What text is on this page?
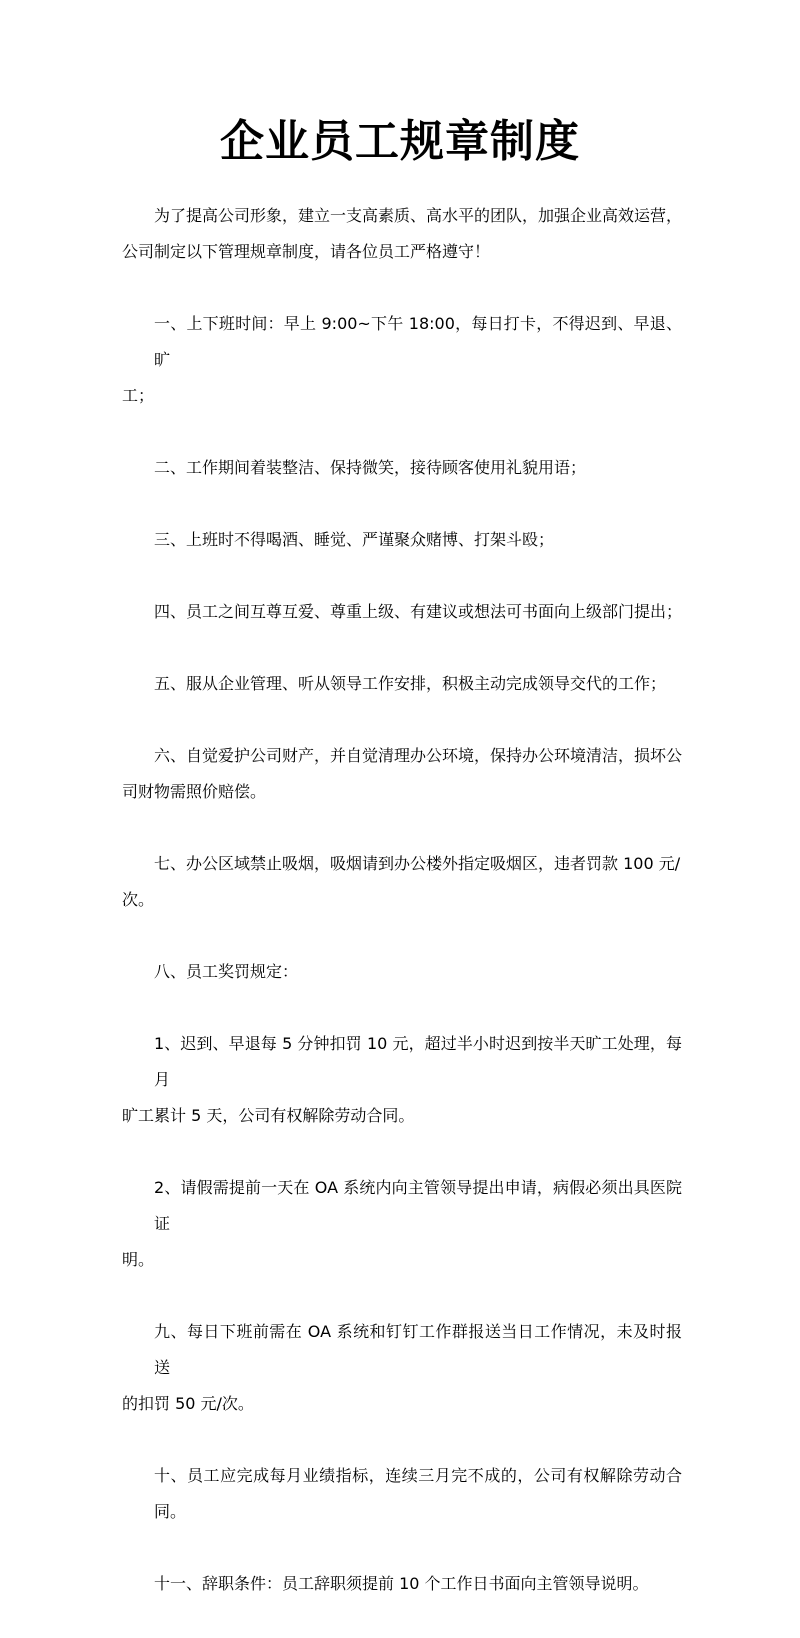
企业员工规章制度

为了提高公司形象，建立一支高素质、高水平的团队，加强企业高效运营，
公司制定以下管理规章制度，请各位员工严格遵守！

一、上下班时间：早上 9:00~下午 18:00，每日打卡，不得迟到、早退、旷
工；

二、工作期间着装整洁、保持微笑，接待顾客使用礼貌用语；

三、上班时不得喝酒、睡觉、严谨聚众赌博、打架斗殴；

四、员工之间互尊互爱、尊重上级、有建议或想法可书面向上级部门提出；

五、服从企业管理、听从领导工作安排，积极主动完成领导交代的工作；

六、自觉爱护公司财产，并自觉清理办公环境，保持办公环境清洁，损坏公
司财物需照价赔偿。

七、办公区域禁止吸烟，吸烟请到办公楼外指定吸烟区，违者罚款 100 元/
次。

八、员工奖罚规定：

1、迟到、早退每 5 分钟扣罚 10 元，超过半小时迟到按半天旷工处理，每月
旷工累计 5 天，公司有权解除劳动合同。

2、请假需提前一天在 OA 系统内向主管领导提出申请，病假必须出具医院证
明。

九、每日下班前需在 OA 系统和钉钉工作群报送当日工作情况，未及时报送
的扣罚 50 元/次。

十、员工应完成每月业绩指标，连续三月完不成的，公司有权解除劳动合同。

十一、辞职条件：员工辞职须提前 10 个工作日书面向主管领导说明。
